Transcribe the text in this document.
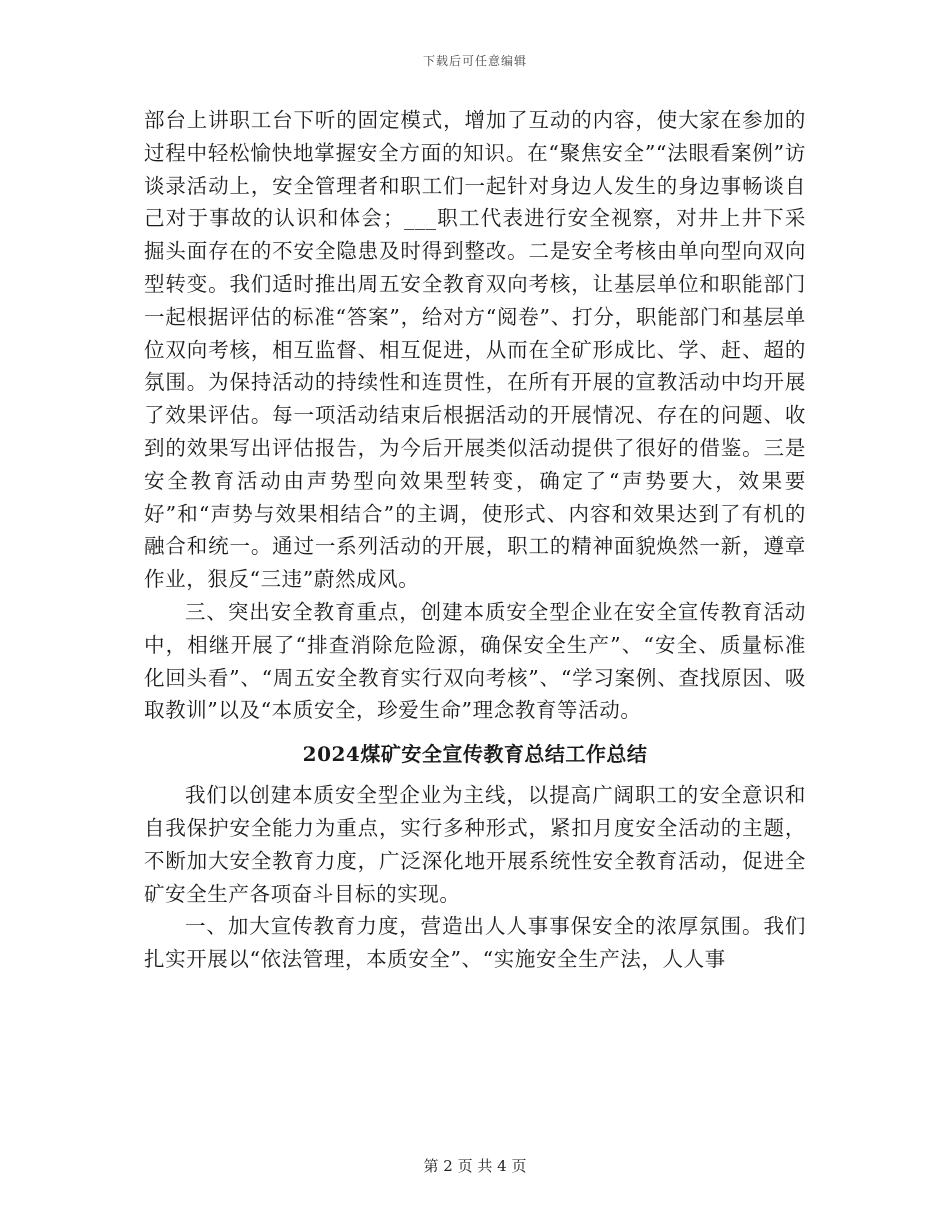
下载后可任意编辑

部台上讲职工台下听的固定模式，增加了互动的内容，使大家在参加的过程中轻松愉快地掌握安全方面的知识。在“聚焦安全”“法眼看案例”访谈录活动上，安全管理者和职工们一起针对身边人发生的身边事畅谈自己对于事故的认识和体会；___职工代表进行安全视察，对井上井下采掘头面存在的不安全隐患及时得到整改。二是安全考核由单向型向双向型转变。我们适时推出周五安全教育双向考核，让基层单位和职能部门一起根据评估的标准“答案”，给对方“阅卷”、打分，职能部门和基层单位双向考核，相互监督、相互促进，从而在全矿形成比、学、赶、超的氛围。为保持活动的持续性和连贯性，在所有开展的宣教活动中均开展了效果评估。每一项活动结束后根据活动的开展情况、存在的问题、收到的效果写出评估报告，为今后开展类似活动提供了很好的借鉴。三是安全教育活动由声势型向效果型转变，确定了“声势要大，效果要好”和“声势与效果相结合”的主调，使形式、内容和效果达到了有机的融合和统一。通过一系列活动的开展，职工的精神面貌焕然一新，遵章作业，狠反“三违”蔚然成风。

三、突出安全教育重点，创建本质安全型企业在安全宣传教育活动中，相继开展了“排查消除危险源，确保安全生产”、“安全、质量标准化回头看”、“周五安全教育实行双向考核”、“学习案例、查找原因、吸取教训”以及“本质安全，珍爱生命”理念教育等活动。

2024煤矿安全宣传教育总结工作总结

我们以创建本质安全型企业为主线，以提高广阔职工的安全意识和自我保护安全能力为重点，实行多种形式，紧扣月度安全活动的主题，不断加大安全教育力度，广泛深化地开展系统性安全教育活动，促进全矿安全生产各项奋斗目标的实现。

一、加大宣传教育力度，营造出人人事事保安全的浓厚氛围。我们扎实开展以“依法管理，本质安全”、“实施安全生产法，人人事

第 2 页 共 4 页
